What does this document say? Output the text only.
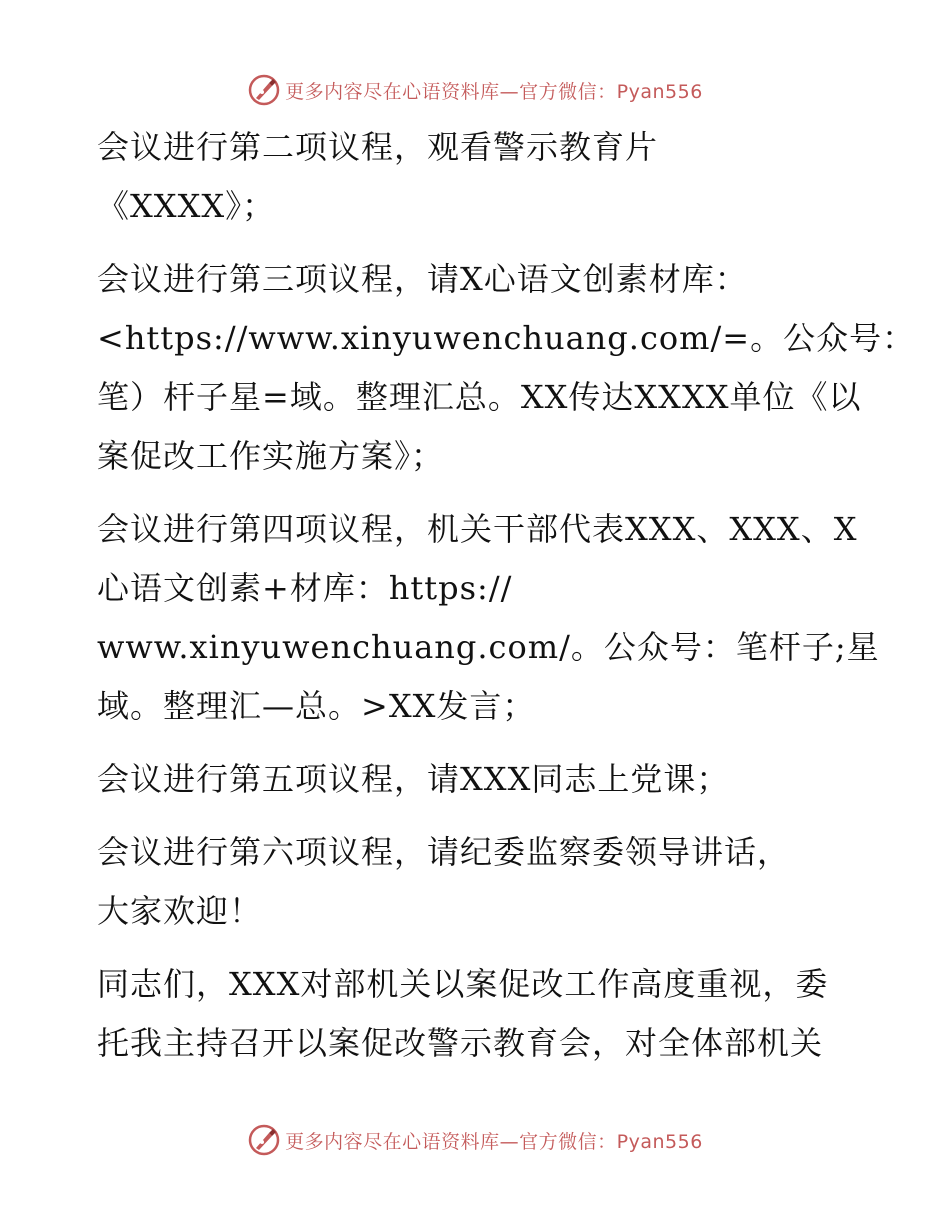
更多内容尽在心语资料库—官方微信：Pyan556
会议进行第二项议程，观看警示教育片
《XXXX》；
会议进行第三项议程，请X心语文创素材库：
<https://www.xinyuwenchuang.com/=。公众号：
笔）杆子星=域。整理汇总。XX传达XXXX单位《以
案促改工作实施方案》；
会议进行第四项议程，机关干部代表XXX、XXX、X
心语文创素+材库：https://
www.xinyuwenchuang.com/。公众号：笔杆子;星
域。整理汇—总。>XX发言；
会议进行第五项议程，请XXX同志上党课；
会议进行第六项议程，请纪委监察委领导讲话，
大家欢迎！
同志们，XXX对部机关以案促改工作高度重视，委
托我主持召开以案促改警示教育会，对全体部机关
更多内容尽在心语资料库—官方微信：Pyan556
